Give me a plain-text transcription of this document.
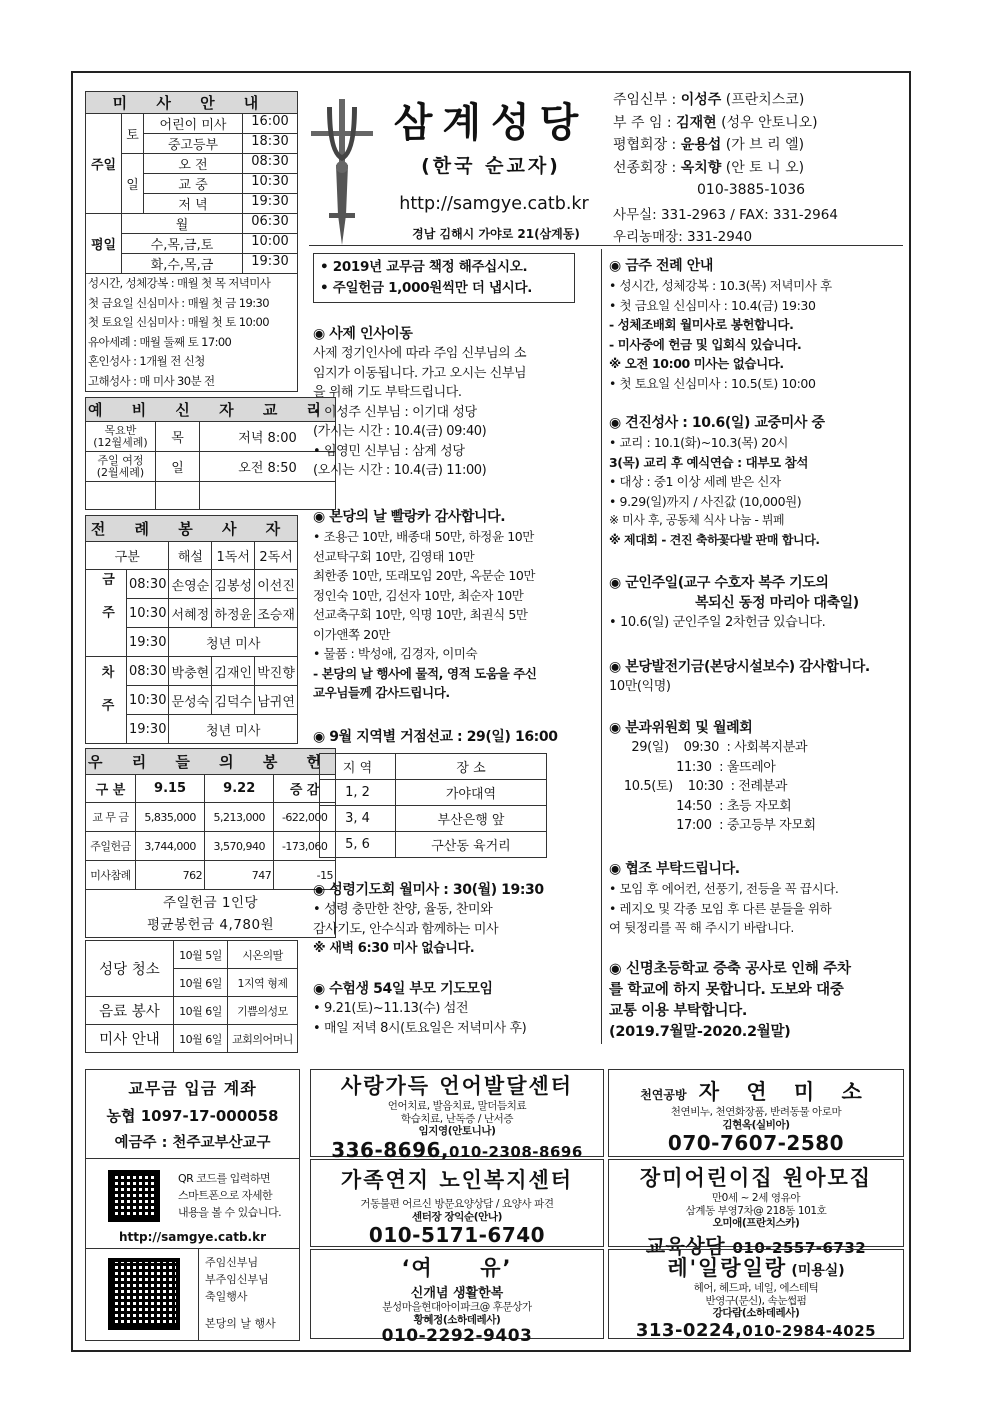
미 사 안 내		
주일	토	어린이 미사 16:00

		중고등부 18:30

	일	오 전 08:30

		교 중 10:30

		저 녁 19:30

평일	월 06:30	

	수,목,금,토 10:00	

	화,수,목,금 19:30	
성시간, 성체강복 : 매월 첫 목 저녁미사
첫 금요일 신심미사 : 매월 첫 금 19:30
첫 토요일 신심미사 : 매월 첫 토 10:00
유아세례 : 매월 둘째 토 17:00
혼인성사 : 1개월 전 신청
고해성사 : 매 미사 30분 전
예 비 신 자 교 리		

목요반
(12월세례)	목	저녁 8:00

주일 여정
(2월세례)	일	오전 8:50

전 례 봉 사 자				
구분		해설	1독서	2독서
금주	08:30	손영순	김봉성	이선진
	10:30	서혜정	하정윤	조승재
	19:30	청년 미사		
차주	08:30	박충현	김재인	박진향
	10:30	문성숙	김덕수	남귀연
	19:30	청년 미사		
우 리 들 의 봉 헌			
구 분	9.15	9.22	증 감
교 무 금	5,835,000	5,213,000	-622,000
주일헌금	3,744,000	3,570,940	-173,060
미사참례	762	747	-15

주일헌금 1인당
평균봉헌금 4,780원			
성당 청소	10월 5일	시온의딸
	10월 6일	1지역 형제
음료 봉사	10월 6일	기쁨의성모
미사 안내	10월 6일	교회의어머니
삼계성당
(한국 순교자)
http://samgye.catb.kr
경남 김해시 가야로 21(삼계동)
주임신부 : 이성주 (프란치스코)
부 주 임 : 김재현 (성우 안토니오)
평협회장 : 윤용섭 (가 브 리 엘)
선종회장 : 옥치향 (안 토 니 오)
010-3885-1036
사무실: 331-2963 / FAX: 331-2964
우리농매장: 331-2940
• 2019년 교무금 책정 해주십시오.
• 주일헌금 1,000원씩만 더 냅시다.
◉ 사제 인사이동
사제 정기인사에 따라 주임 신부님의 소
임지가 이동됩니다. 가고 오시는 신부님
을 위해 기도 부탁드립니다.
• 이성주 신부님 : 이기대 성당
(가시는 시간 : 10.4(금) 09:40)
• 임영민 신부님 : 삼계 성당
(오시는 시간 : 10.4(금) 11:00)
◉ 본당의 날 빨랑카 감사합니다.
• 조용근 10만, 배종대 50만, 하정윤 10만
선교탁구회 10만, 김영태 10만
최한종 10만, 또래모임 20만, 옥문순 10만
정인숙 10만, 김선자 10만, 최순자 10만
선교축구회 10만, 익명 10만, 최권식 5만
이가앤쪽 20만
• 물품 : 박성애, 김경자, 이미숙
- 본당의 날 행사에 물적, 영적 도움을 주신
교우님들께 감사드립니다.
◉ 9월 지역별 거점선교 : 29(일) 16:00
지 역	장 소
1, 2	가야대역
3, 4	부산은행 앞
5, 6	구산동 육거리
◉ 성령기도회 월미사 : 30(월) 19:30
• 성령 충만한 찬양, 율동, 찬미와
감사기도, 안수식과 함께하는 미사
※ 새벽 6:30 미사 없습니다.
◉ 수험생 54일 부모 기도모임
• 9.21(토)~11.13(수) 섬전
• 매일 저녁 8시(토요일은 저녁미사 후)
◉ 금주 전례 안내
• 성시간, 성체강복 : 10.3(목) 저녁미사 후
• 첫 금요일 신심미사 : 10.4(금) 19:30
- 성체조배회 월미사로 봉헌합니다.
- 미사중에 헌금 및 입회식 있습니다.
※ 오전 10:00 미사는 없습니다.
• 첫 토요일 신심미사 : 10.5(토) 10:00
◉ 견진성사 : 10.6(일) 교중미사 중
• 교리 : 10.1(화)~10.3(목) 20시
3(목) 교리 후 예식연습 : 대부모 참석
• 대상 : 중1 이상 세례 받은 신자
• 9.29(일)까지 / 사진값 (10,000원)
※ 미사 후, 공동체 식사 나눔 - 뷔페
※ 제대회 - 견진 축하꽃다발 판매 합니다.
◉ 군인주일(교구 수호자 복주 기도의
복되신 동정 마리아 대축일)
• 10.6(일) 군인주일 2차헌금 있습니다.
◉ 본당발전기금(본당시설보수) 감사합니다.
10만(익명)
◉ 분과위원회 및 월례회
29(일)    09:30  : 사회복지분과
11:30  : 울뜨레아
10.5(토)    10:30  : 전례분과
14:50  : 초등 자모회
17:00  : 중고등부 자모회
◉ 협조 부탁드립니다.
• 모임 후 에어컨, 선풍기, 전등을 꼭 끕시다.
• 레지오 및 각종 모임 후 다른 분들을 위하
여 뒷정리를 꼭 해 주시기 바랍니다.
◉ 신명초등학교 증축 공사로 인해 주차
를 학교에 하지 못합니다. 도보와 대중
교통 이용 부탁합니다.
(2019.7월말-2020.2월말)
교무금 입금 계좌
농협 1097-17-000058
예금주 : 천주교부산교구
QR 코드를 입력하면
스마트폰으로 자세한
내용을 볼 수 있습니다.
http://samgye.catb.kr
주임신부님
부주임신부님
축일행사
본당의 날 행사
사랑가득 언어발달센터
언어치료, 발음치료, 말더듬치료
학습치료, 난독증 / 난서증
임지영(안토니나)
336-8696,010-2308-8696
천연공방 자 연 미 소
천연비누, 천연화장품, 반려동물 아로마
김현옥(실비아)
070-7607-2580
가족연지 노인복지센터
거동불편 어르신 방문요양상담 / 요양사 파견
센터장 장익순(안나)
010-5171-6740
장미어린이집 원아모집
만0세 ~ 2세 영유아
삼계동 부영7차@ 218동 101호
오미애(프란치스카)
교육상담 010-2557-6732
‘여     유’
신개념 생활한복
분성마을현대아이파크@ 후문상가
황혜정(소하데레사)
010-2292-9403
레'일랑일랑 (미용실)
헤어, 헤드파, 네일, 에스테틱
반영구(문신), 속눈썹펌
강다람(소하데레사)
313-0224,010-2984-4025
